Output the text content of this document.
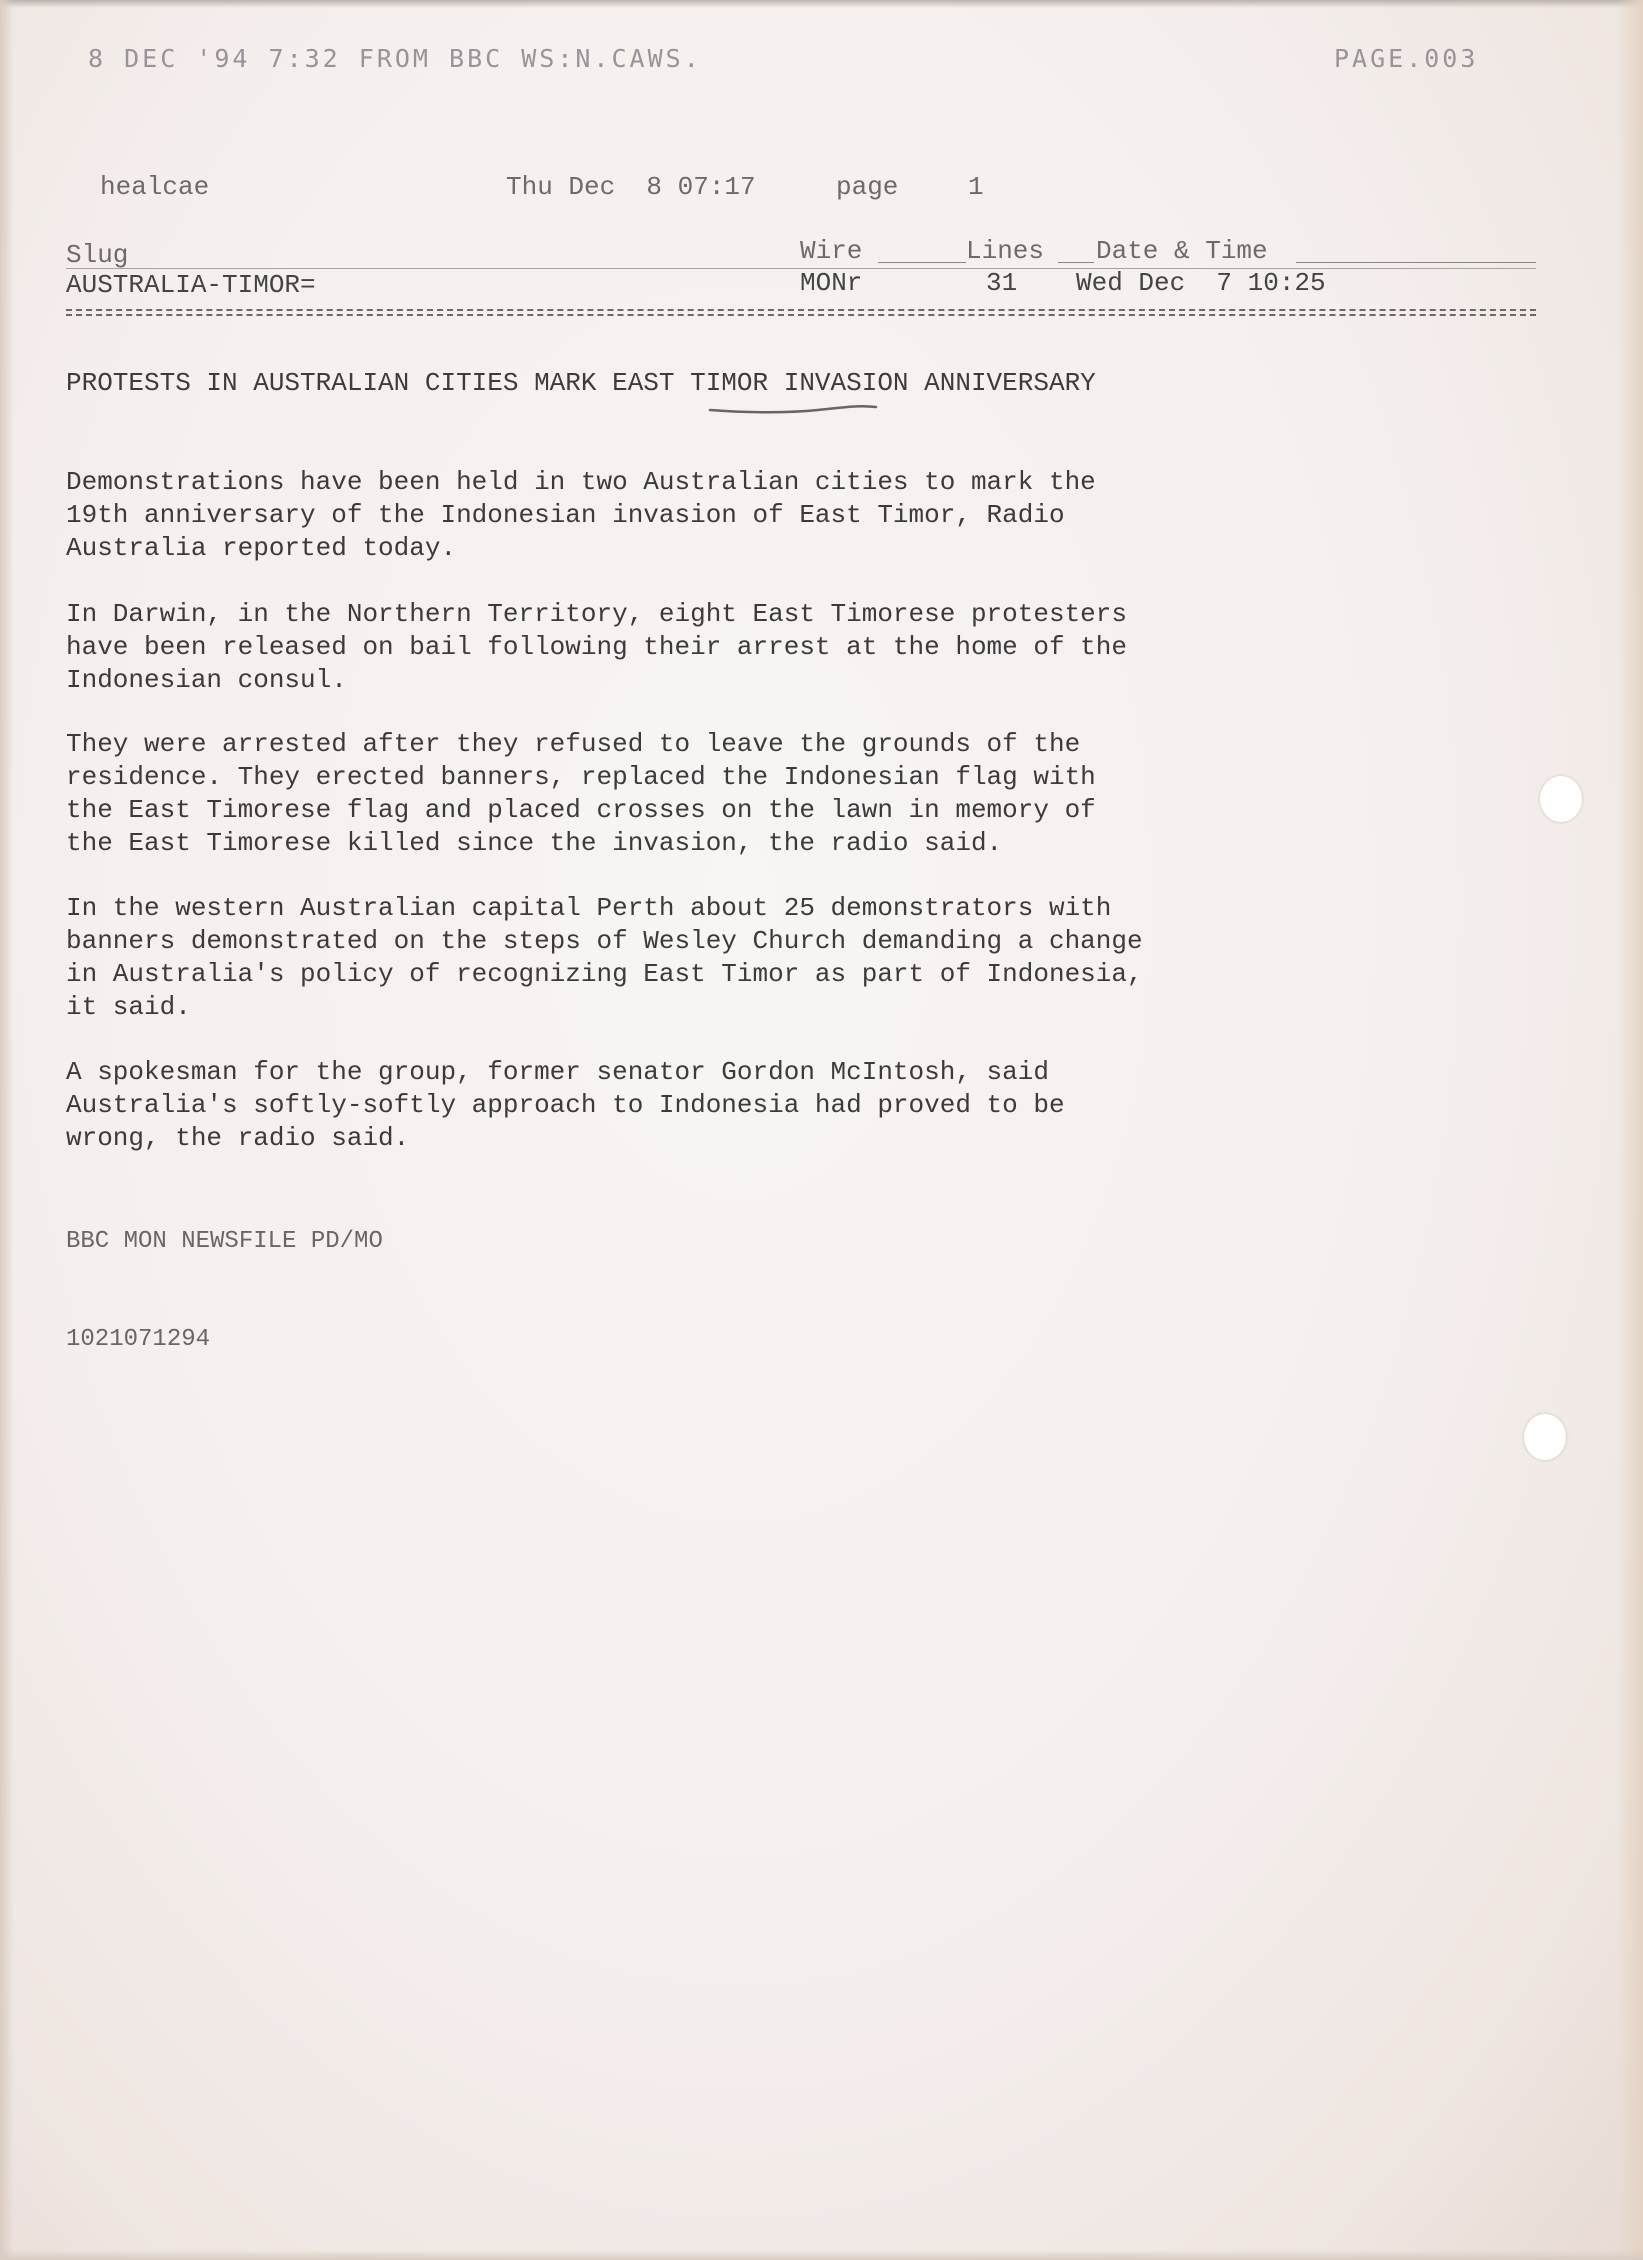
8 DEC '94 7:32 FROM BBC WS:N.CAWS.	PAGE.003
healcae	Thu Dec  8 07:17	page	1
Slug	Wire	Lines Date & Time
AUSTRALIA-TIMOR=	MONr	31 Wed Dec  7 10:25
PROTESTS IN AUSTRALIAN CITIES MARK EAST TIMOR INVASION ANNIVERSARY
Demonstrations have been held in two Australian cities to mark the
19th anniversary of the Indonesian invasion of East Timor, Radio
Australia reported today.
In Darwin, in the Northern Territory, eight East Timorese protesters
have been released on bail following their arrest at the home of the
Indonesian consul.
They were arrested after they refused to leave the grounds of the
residence. They erected banners, replaced the Indonesian flag with
the East Timorese flag and placed crosses on the lawn in memory of
the East Timorese killed since the invasion, the radio said.
In the western Australian capital Perth about 25 demonstrators with
banners demonstrated on the steps of Wesley Church demanding a change
in Australia's policy of recognizing East Timor as part of Indonesia,
it said.
A spokesman for the group, former senator Gordon McIntosh, said
Australia's softly-softly approach to Indonesia had proved to be
wrong, the radio said.
BBC MON NEWSFILE PD/MO
1021071294
